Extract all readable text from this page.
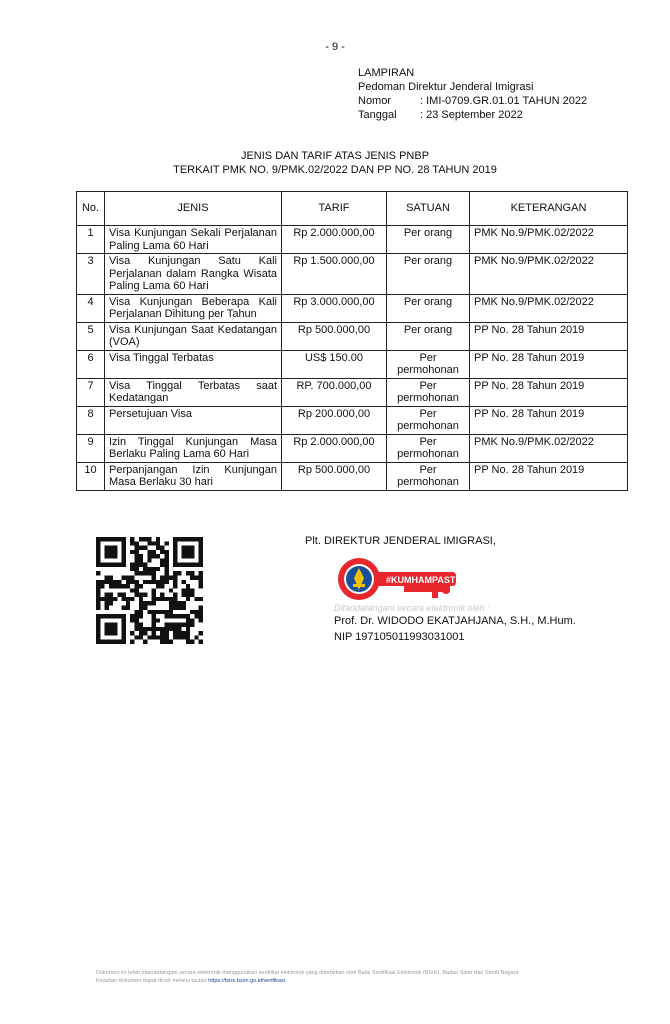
- 9 -
LAMPIRAN
Pedoman Direktur Jenderal Imigrasi
Nomor	: IMI-0709.GR.01.01 TAHUN 2022
Tanggal	: 23 September 2022
JENIS DAN TARIF ATAS JENIS PNBP
TERKAIT PMK NO. 9/PMK.02/2022 DAN PP NO. 28 TAHUN 2019
No.	JENIS	TARIF	SATUAN	KETERANGAN
1	Visa Kunjungan Sekali Perjalanan Paling Lama 60 Hari	Rp 2.000.000,00	Per orang	PMK No.9/PMK.02/2022
3	Visa Kunjungan Satu Kali Perjalanan dalam Rangka Wisata Paling Lama 60 Hari	Rp 1.500.000,00	Per orang	PMK No.9/PMK.02/2022
4	Visa Kunjungan Beberapa Kali Perjalanan Dihitung per Tahun	Rp 3.000.000,00	Per orang	PMK No.9/PMK.02/2022
5	Visa Kunjungan Saat Kedatangan (VOA)	Rp 500.000,00	Per orang	PP No. 28 Tahun 2019
6	Visa Tinggal Terbatas	US$ 150.00	Per permohonan	PP No. 28 Tahun 2019
7	Visa Tinggal Terbatas saat Kedatangan	RP. 700.000,00	Per permohonan	PP No. 28 Tahun 2019
8	Persetujuan Visa	Rp 200.000,00	Per permohonan	PP No. 28 Tahun 2019
9	Izin Tinggal Kunjungan Masa Berlaku Paling Lama 60 Hari	Rp 2.000.000,00	Per permohonan	PMK No.9/PMK.02/2022
10	Perpanjangan Izin Kunjungan Masa Berlaku 30 hari	Rp 500.000,00	Per permohonan	PP No. 28 Tahun 2019
Plt. DIREKTUR JENDERAL IMIGRASI,
#KUMHAMPASTI
Ditandatangani secara elektronik oleh :
Prof. Dr. WIDODO EKATJAHJANA, S.H., M.Hum.
NIP 197105011993031001
Dokumen ini telah ditandatangani secara elektronik menggunakan sertifikat elektronik yang diterbitkan oleh Balai Sertifikasi Elektronik (BSrE), Badan Siber dan Sandi Negara
Keaslian dokumen dapat dicek melalui tautan https://bsre.bssn.go.id/verifikasi
